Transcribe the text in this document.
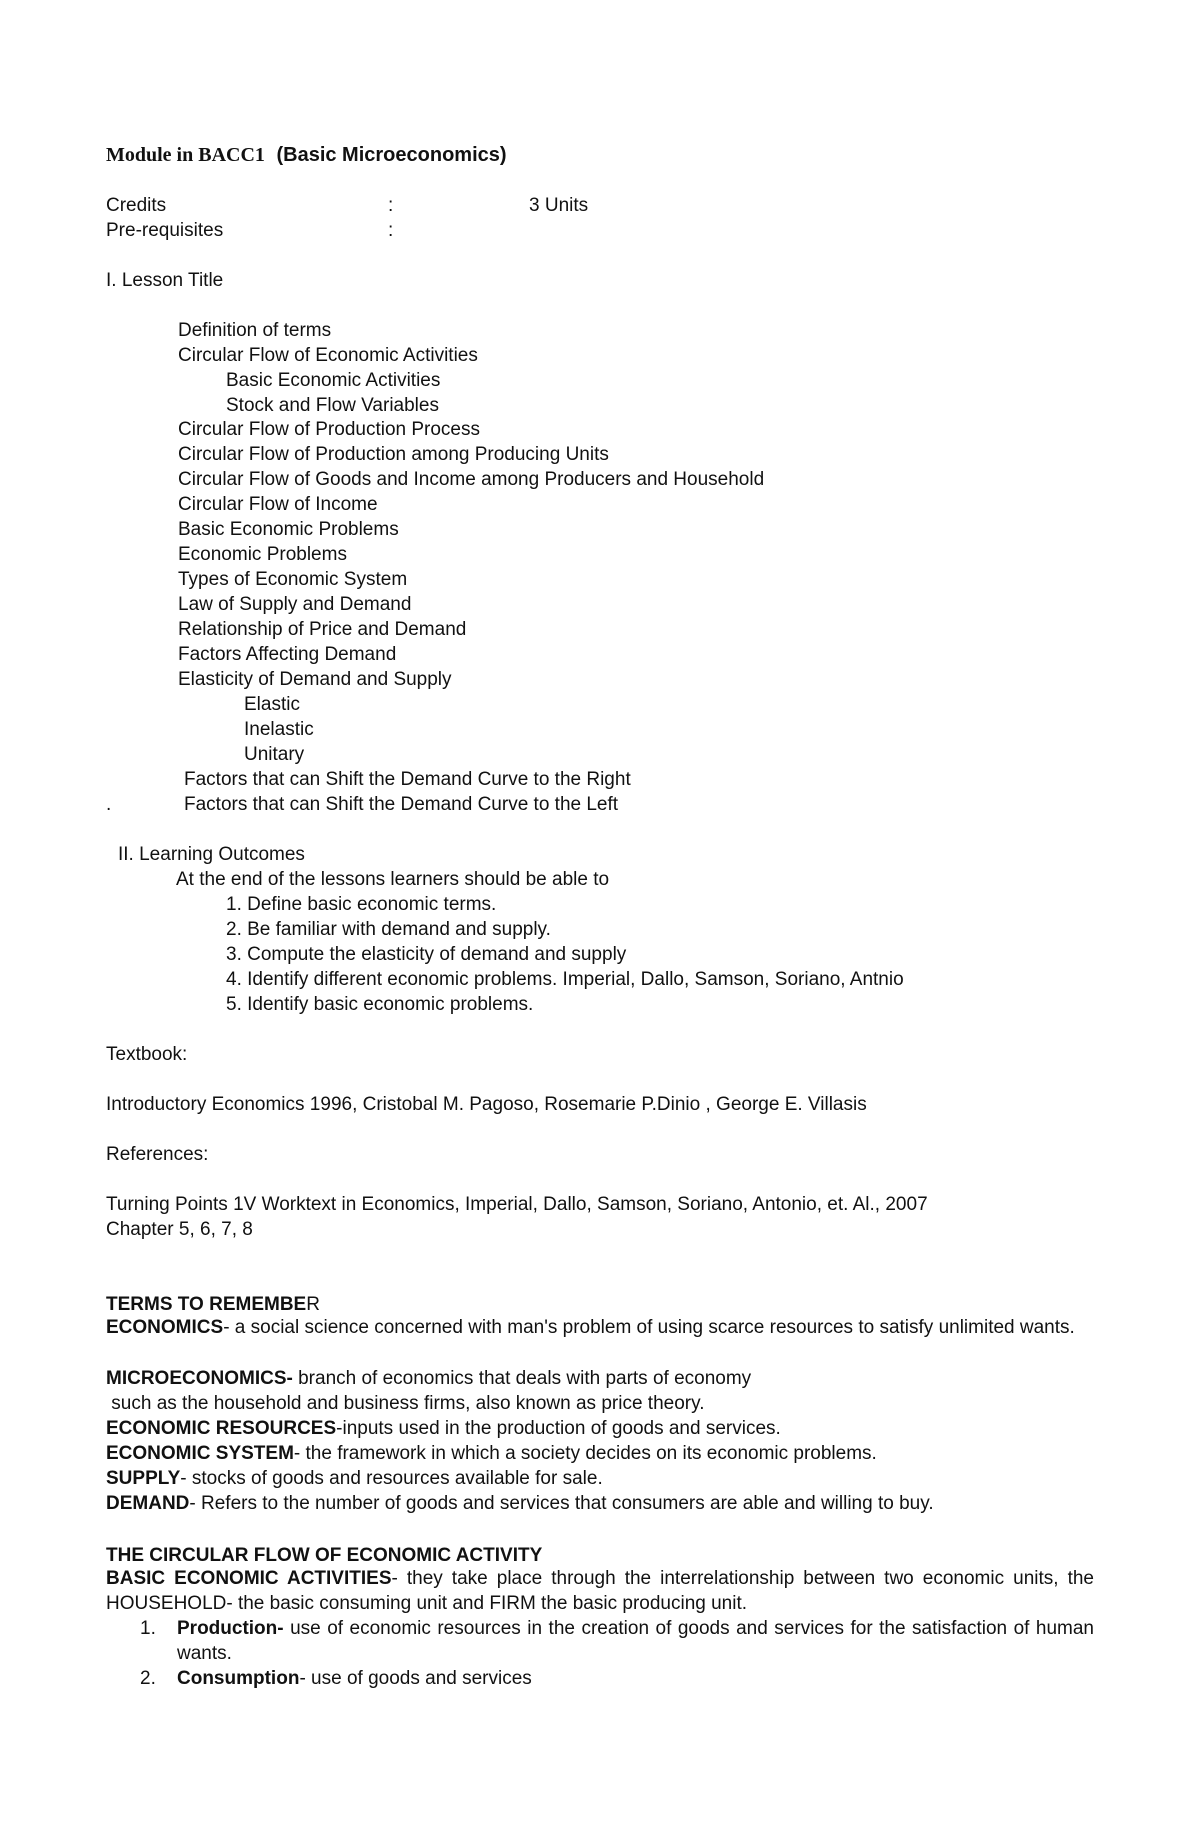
Module in BACC1 (Basic Microeconomics)
Credits	:	3 Units
Pre-requisites	:
I. Lesson Title
Definition of terms
Circular Flow of Economic Activities
Basic Economic Activities
Stock and Flow Variables
Circular Flow of Production Process
Circular Flow of Production among Producing Units
Circular Flow of Goods and Income among Producers and Household
Circular Flow of Income
Basic Economic Problems
Economic Problems
Types of Economic System
Law of Supply and Demand
Relationship of Price and Demand
Factors Affecting Demand
Elasticity of Demand and Supply
Elastic
Inelastic
Unitary
Factors that can Shift the Demand Curve to the Right
.	Factors that can Shift the Demand Curve to the Left
II. Learning Outcomes
At the end of the lessons learners should be able to
1. Define basic economic terms.
2. Be familiar with demand and supply.
3. Compute the elasticity of demand and supply
4. Identify different economic problems. Imperial, Dallo, Samson, Soriano, Antnio
5. Identify basic economic problems.
Textbook:
Introductory Economics 1996, Cristobal M. Pagoso, Rosemarie P.Dinio , George E. Villasis
References:
Turning Points 1V Worktext in Economics, Imperial, Dallo, Samson, Soriano, Antonio, et. Al., 2007
Chapter 5, 6, 7, 8
TERMS TO REMEMBER
ECONOMICS- a social science concerned with man's problem of using scarce resources to satisfy unlimited wants.
MICROECONOMICS- branch of economics that deals with parts of economy
such as the household and business firms, also known as price theory.
ECONOMIC RESOURCES-inputs used in the production of goods and services.
ECONOMIC SYSTEM- the framework in which a society decides on its economic problems.
SUPPLY- stocks of goods and resources available for sale.
DEMAND- Refers to the number of goods and services that consumers are able and willing to buy.
THE CIRCULAR FLOW OF ECONOMIC ACTIVITY
BASIC ECONOMIC ACTIVITIES- they take place through the interrelationship between two economic units, the HOUSEHOLD- the basic consuming unit and FIRM the basic producing unit.
1. Production- use of economic resources in the creation of goods and services for the satisfaction of human wants.
2. Consumption- use of goods and services
